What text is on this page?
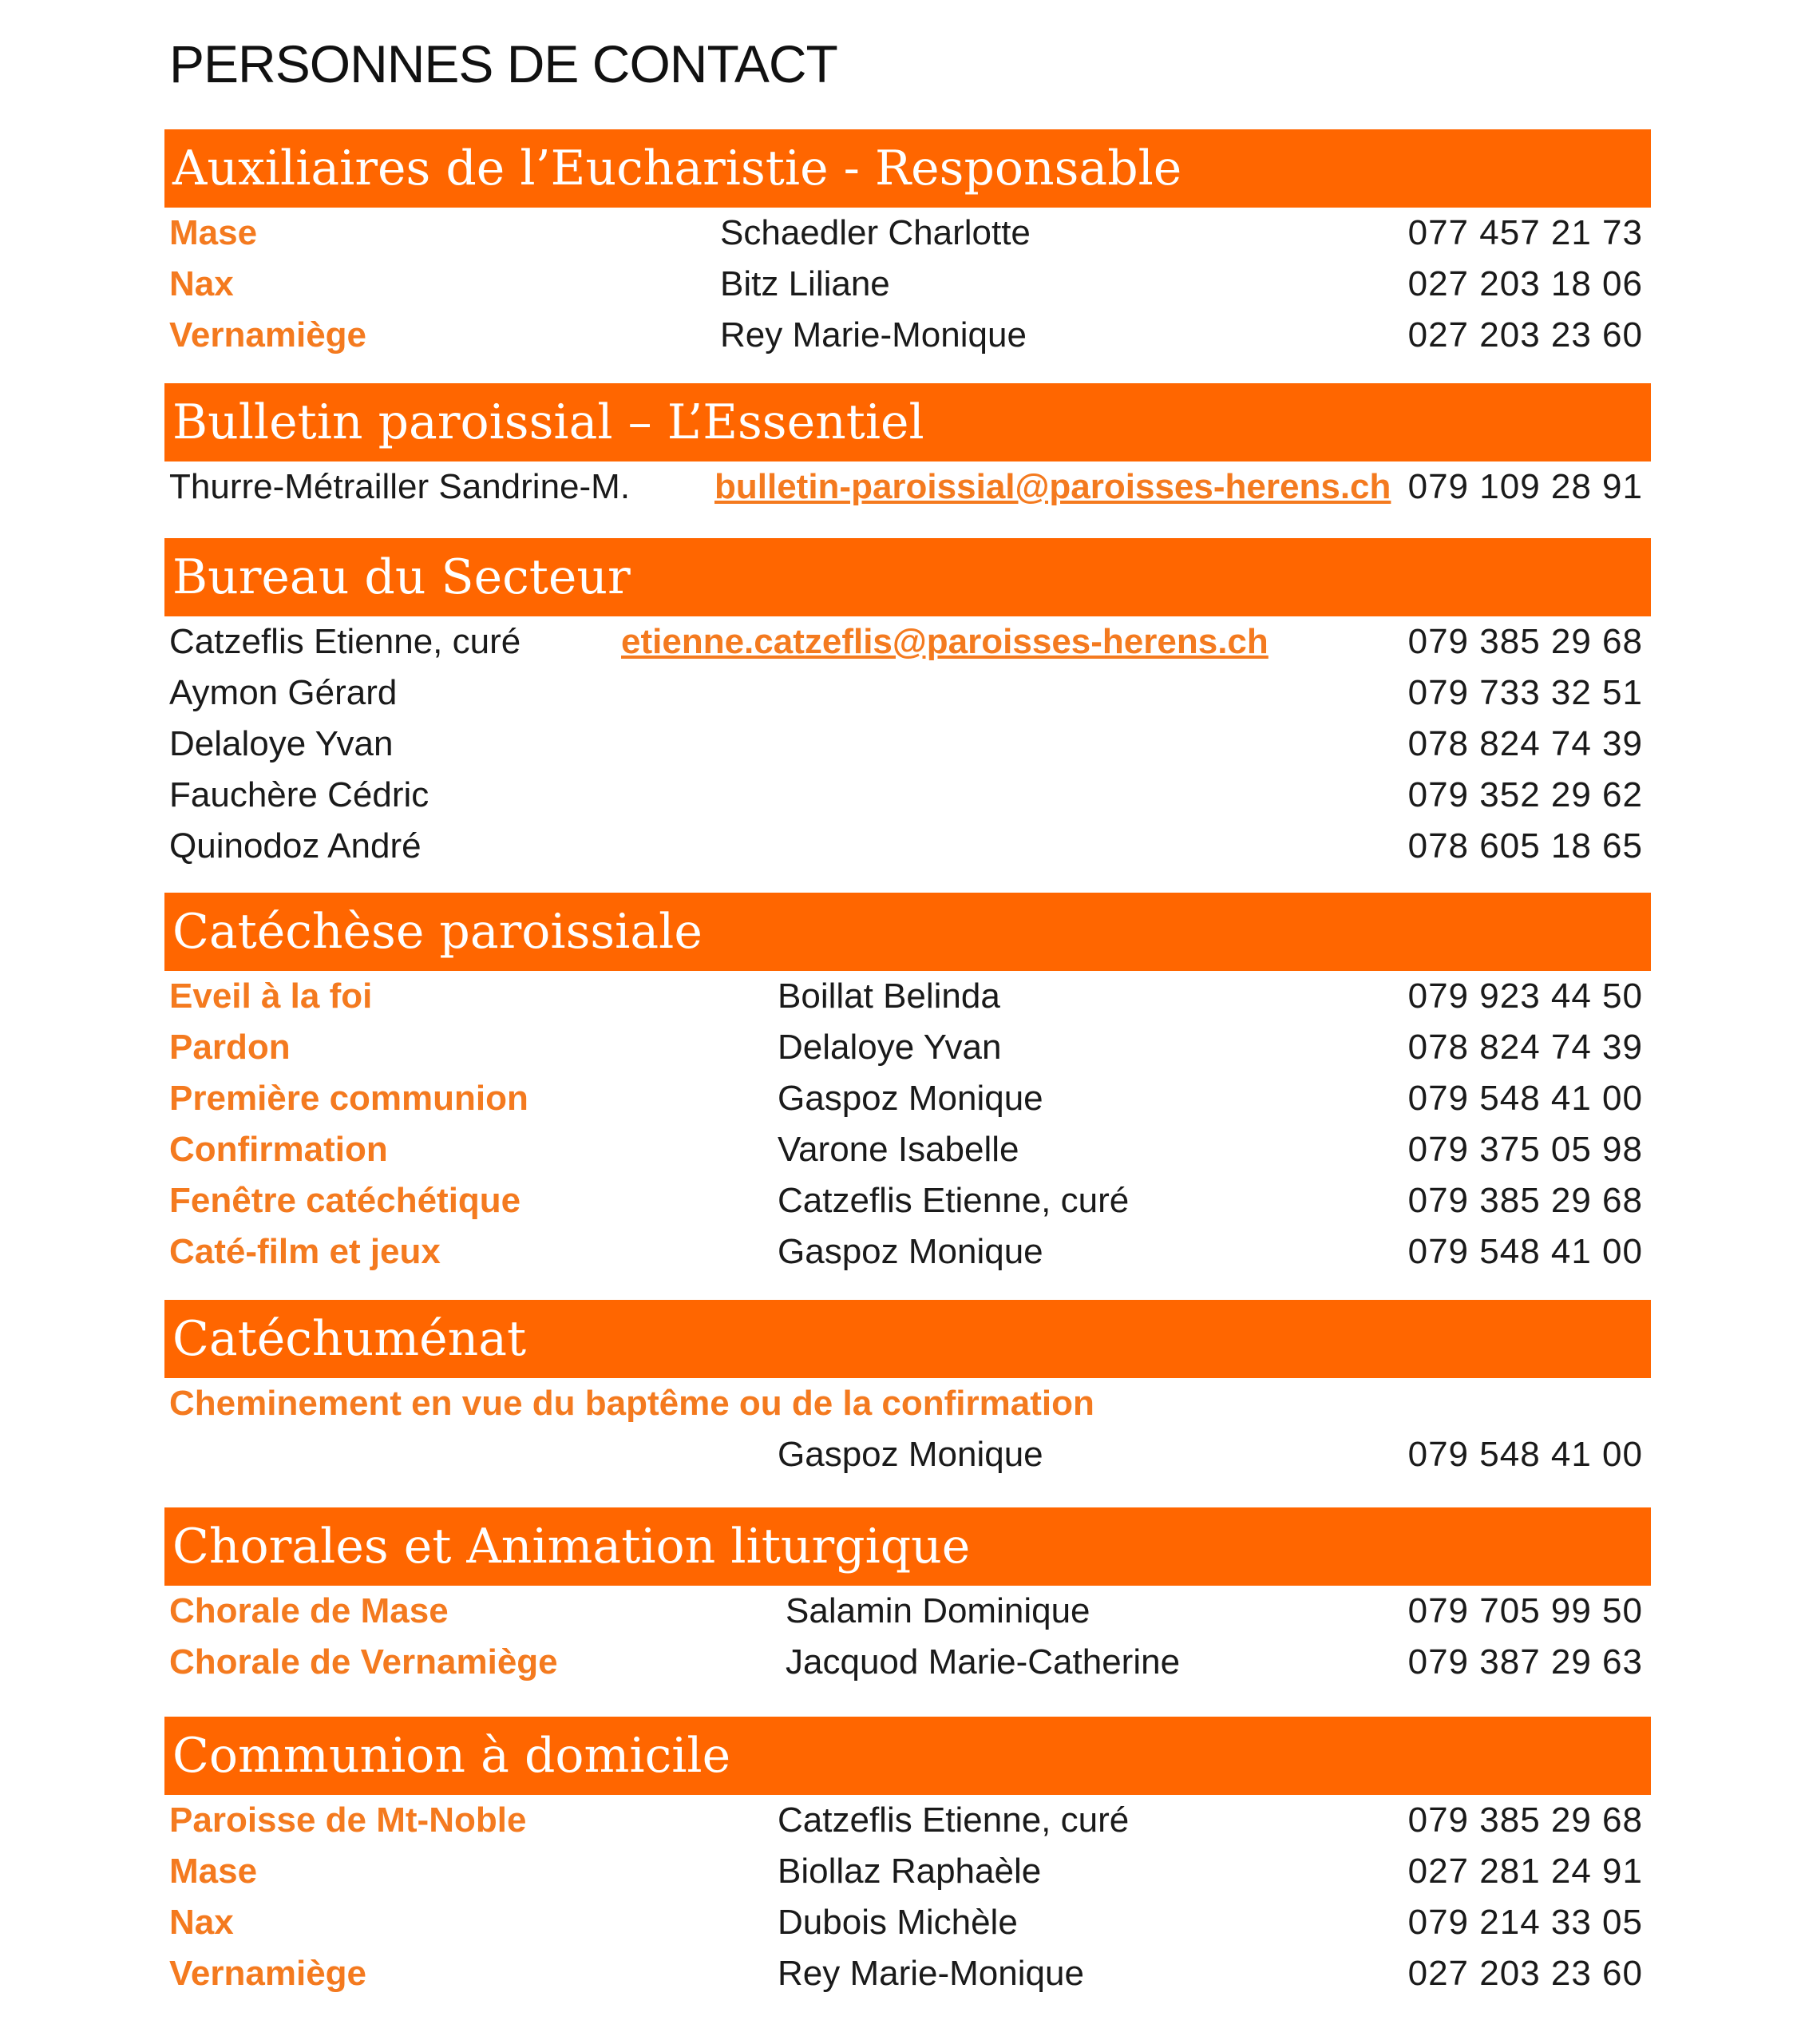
PERSONNES DE CONTACT
Auxiliaires de l’Eucharistie - Responsable
Mase	Schaedler Charlotte	077 457 21 73
Nax	Bitz Liliane	027 203 18 06
Vernamiège	Rey Marie-Monique	027 203 23 60
Bulletin paroissial – L’Essentiel
Thurre-Métrailler Sandrine-M. bulletin-paroissial@paroisses-herens.ch 079 109 28 91
Bureau du Secteur
Catzeflis Etienne, curé	etienne.catzeflis@paroisses-herens.ch	079 385 29 68
Aymon Gérard	079 733 32 51
Delaloye Yvan	078 824 74 39
Fauchère Cédric	079 352 29 62
Quinodoz André	078 605 18 65
Catéchèse paroissiale
Eveil à la foi	Boillat Belinda	079 923 44 50
Pardon	Delaloye Yvan	078 824 74 39
Première communion	Gaspoz Monique	079 548 41 00
Confirmation	Varone Isabelle	079 375 05 98
Fenêtre catéchétique	Catzeflis Etienne, curé	079 385 29 68
Caté-film et jeux	Gaspoz Monique	079 548 41 00
Catéchuménat
Cheminement en vue du baptême ou de la confirmation
Gaspoz Monique	079 548 41 00
Chorales et Animation liturgique
Chorale de Mase	Salamin Dominique	079 705 99 50
Chorale de Vernamiège	Jacquod Marie-Catherine	079 387 29 63
Communion à domicile
Paroisse de Mt-Noble	Catzeflis Etienne, curé	079 385 29 68
Mase	Biollaz Raphaèle	027 281 24 91
Nax	Dubois Michèle	079 214 33 05
Vernamiège	Rey Marie-Monique	027 203 23 60
